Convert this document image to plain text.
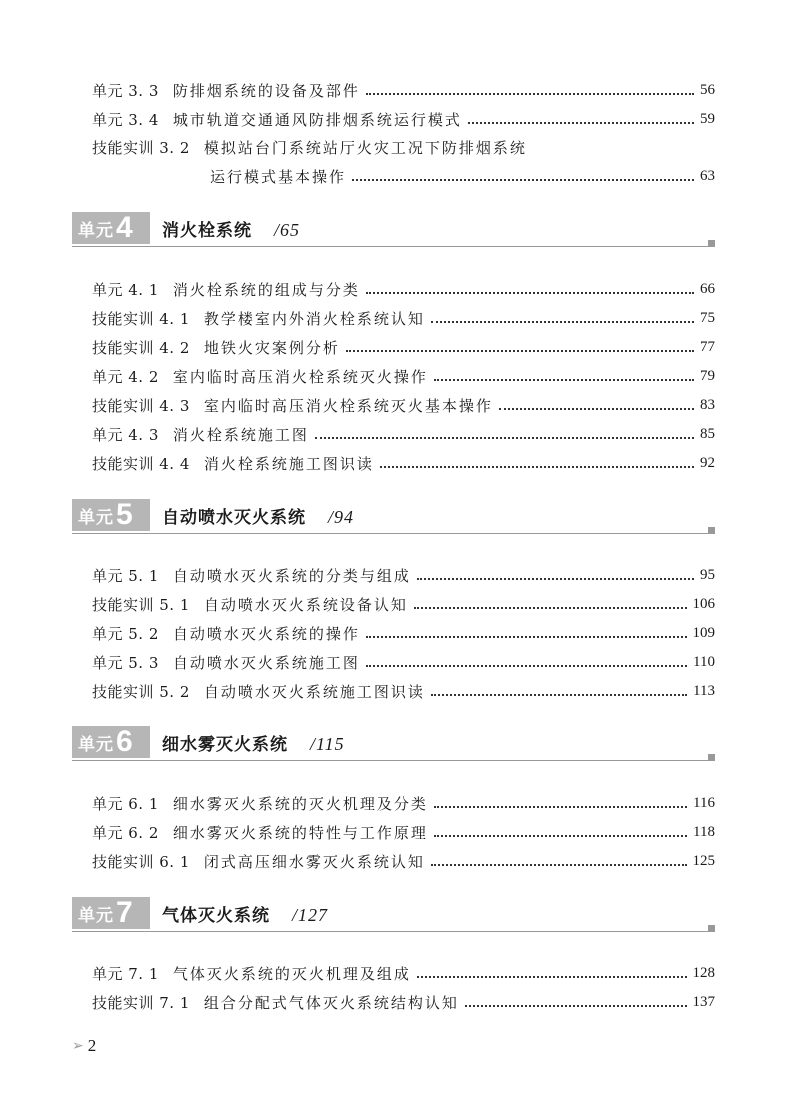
单元 3. 3 防排烟系统的设备及部件	56
单元 3. 4 城市轨道交通通风防排烟系统运行模式	59
技能实训 3. 2 模拟站台门系统站厅火灾工况下防排烟系统
运行模式基本操作	63
单元 4 消火栓系统 /65
单元 4. 1 消火栓系统的组成与分类	66
技能实训 4. 1 教学楼室内外消火栓系统认知	75
技能实训 4. 2 地铁火灾案例分析	77
单元 4. 2 室内临时高压消火栓系统灭火操作	79
技能实训 4. 3 室内临时高压消火栓系统灭火基本操作	83
单元 4. 3 消火栓系统施工图	85
技能实训 4. 4 消火栓系统施工图识读	92
单元 5 自动喷水灭火系统 /94
单元 5. 1 自动喷水灭火系统的分类与组成	95
技能实训 5. 1 自动喷水灭火系统设备认知	106
单元 5. 2 自动喷水灭火系统的操作	109
单元 5. 3 自动喷水灭火系统施工图	110
技能实训 5. 2 自动喷水灭火系统施工图识读	113
单元 6 细水雾灭火系统 /115
单元 6. 1 细水雾灭火系统的灭火机理及分类	116
单元 6. 2 细水雾灭火系统的特性与工作原理	118
技能实训 6. 1 闭式高压细水雾灭火系统认知	125
单元 7 气体灭火系统 /127
单元 7. 1 气体灭火系统的灭火机理及组成	128
技能实训 7. 1 组合分配式气体灭火系统结构认知	137
➢ 2
